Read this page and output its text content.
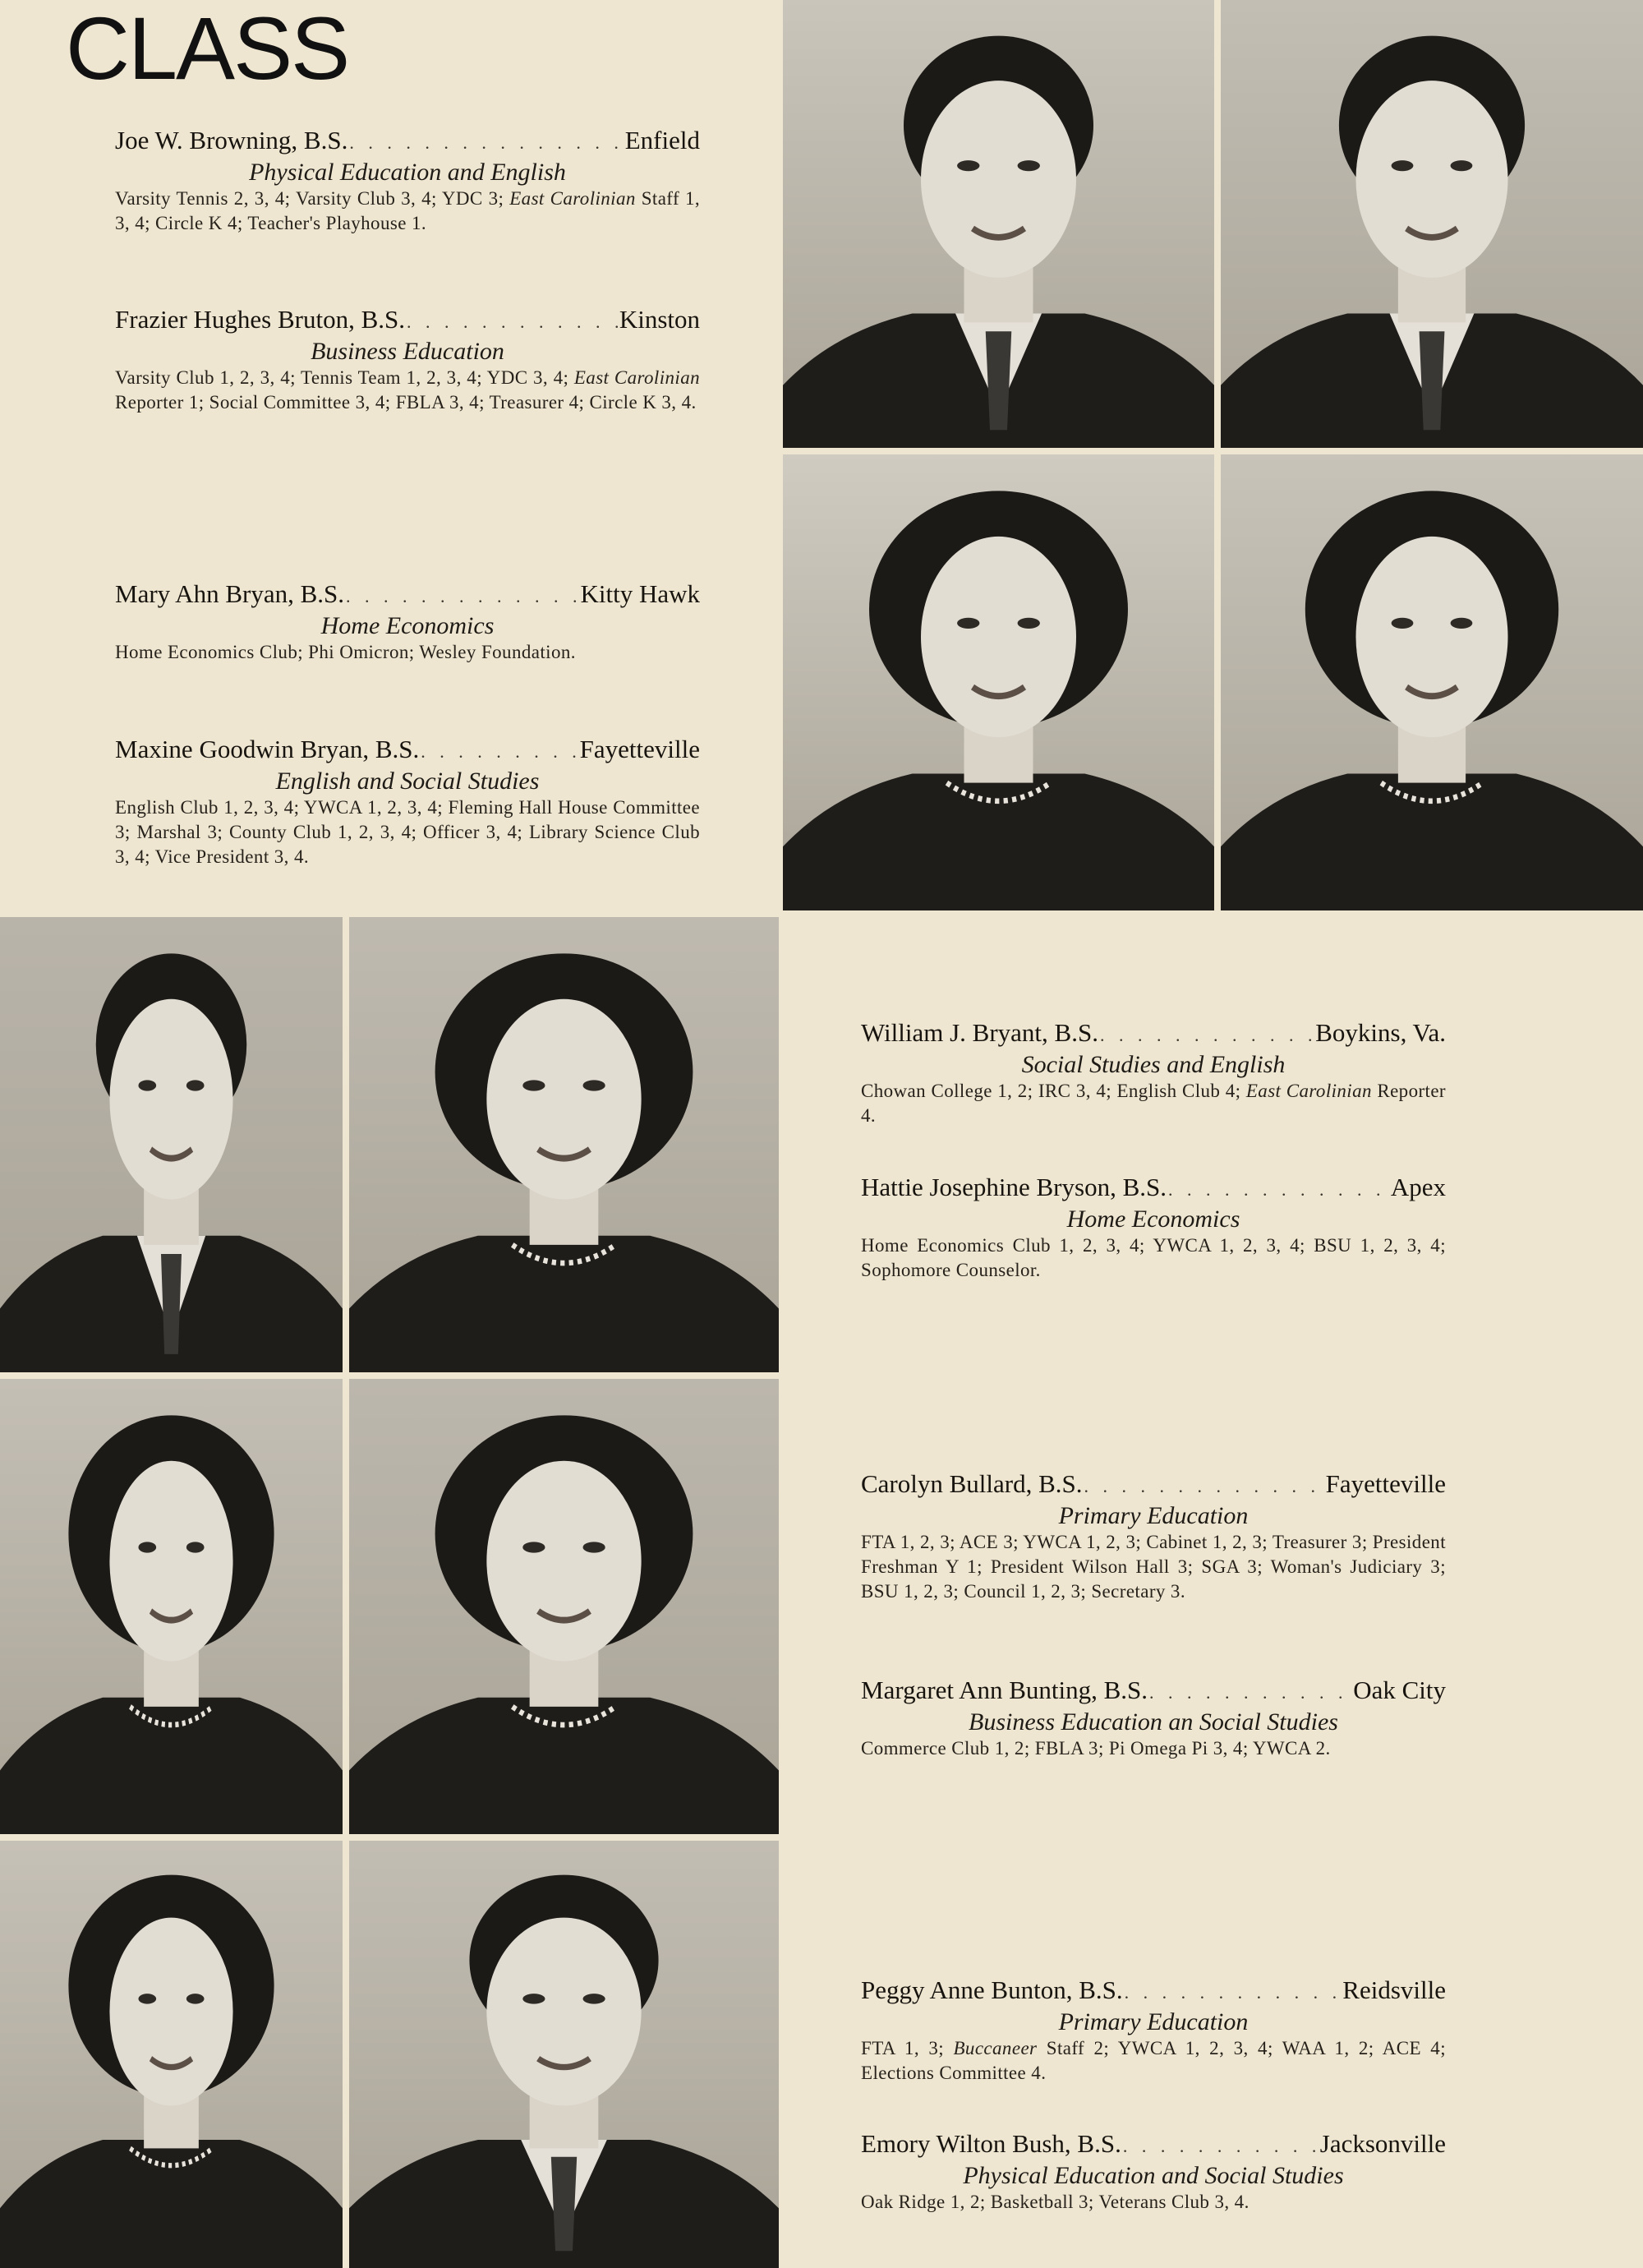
CLASS
Joe W. Browning, B.S. . . .	Enfield
Physical Education and English
Varsity Tennis 2, 3, 4; Varsity Club 3, 4; YDC 3; East Carolinian Staff 1, 3, 4; Circle K 4; Teacher's Playhouse 1.
Frazier Hughes Bruton, B.S. . . .	Kinston
Business Education
Varsity Club 1, 2, 3, 4; Tennis Team 1, 2, 3, 4; YDC 3, 4; East Carolinian Reporter 1; Social Committee 3, 4; FBLA 3, 4; Treasurer 4; Circle K 3, 4.
Mary Ahn Bryan, B.S. . . .	Kitty Hawk
Home Economics
Home Economics Club; Phi Omicron; Wesley Foundation.
Maxine Goodwin Bryan, B.S. . . .	Fayetteville
English and Social Studies
English Club 1, 2, 3, 4; YWCA 1, 2, 3, 4; Fleming Hall House Committee 3; Marshal 3; County Club 1, 2, 3, 4; Officer 3, 4; Library Science Club 3, 4; Vice President 3, 4.
William J. Bryant, B.S. . . .	Boykins, Va.
Social Studies and English
Chowan College 1, 2; IRC 3, 4; English Club 4; East Carolinian Reporter 4.
Hattie Josephine Bryson, B.S. . . .	Apex
Home Economics
Home Economics Club 1, 2, 3, 4; YWCA 1, 2, 3, 4; BSU 1, 2, 3, 4; Sophomore Counselor.
Carolyn Bullard, B.S. . . .	Fayetteville
Primary Education
FTA 1, 2, 3; ACE 3; YWCA 1, 2, 3; Cabinet 1, 2, 3; Treasurer 3; President Freshman Y 1; President Wilson Hall 3; SGA 3; Woman's Judiciary 3; BSU 1, 2, 3; Council 1, 2, 3; Secretary 3.
Margaret Ann Bunting, B.S. . . .	Oak City
Business Education an Social Studies
Commerce Club 1, 2; FBLA 3; Pi Omega Pi 3, 4; YWCA 2.
Peggy Anne Bunton, B.S. . . .	Reidsville
Primary Education
FTA 1, 3; Buccaneer Staff 2; YWCA 1, 2, 3, 4; WAA 1, 2; ACE 4; Elections Committee 4.
Emory Wilton Bush, B.S. . . .	Jacksonville
Physical Education and Social Studies
Oak Ridge 1, 2; Basketball 3; Veterans Club 3, 4.
